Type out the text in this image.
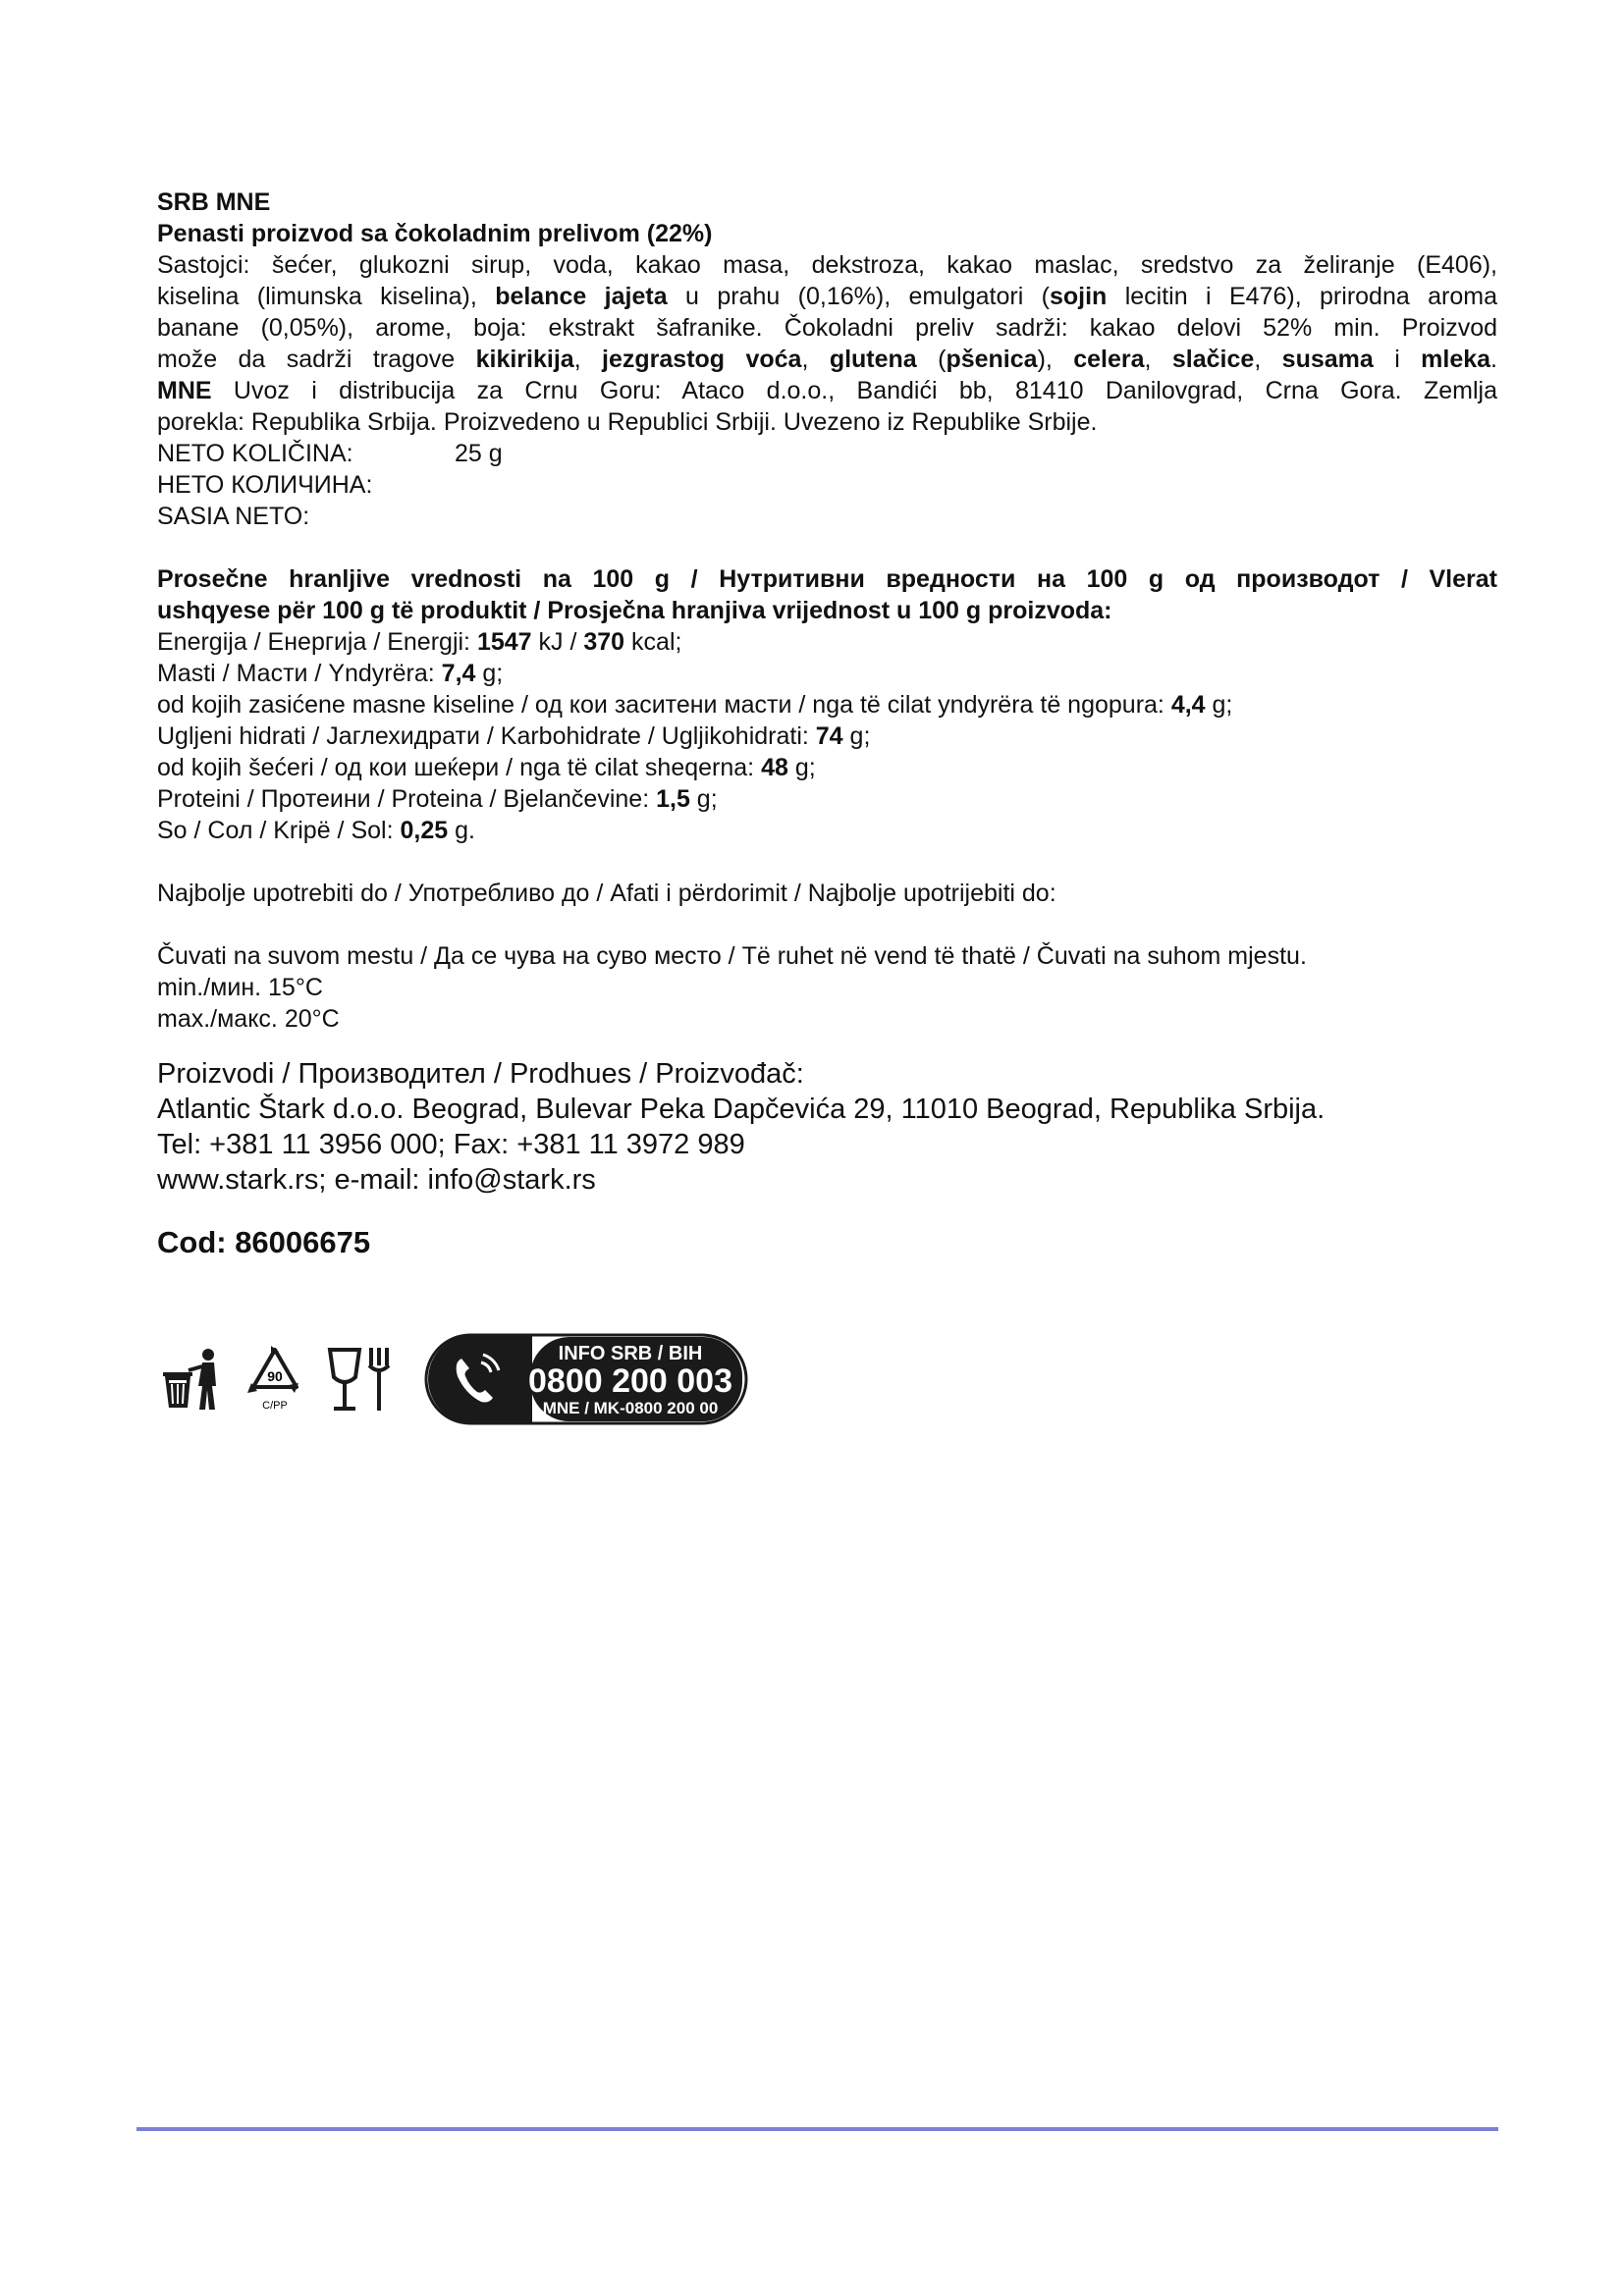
SRB MNE

Penasti proizvod sa čokoladnim prelivom (22%)

Sastojci: šećer, glukozni sirup, voda, kakao masa, dekstroza, kakao maslac, sredstvo za želiranje (E406),

kiselina (limunska kiselina), belance jajeta u prahu (0,16%), emulgatori (sojin lecitin i E476), prirodna aroma

banane (0,05%), arome, boja: ekstrakt šafranike. Čokoladni preliv sadrži: kakao delovi 52% min. Proizvod

može da sadrži tragove kikirikija, jezgrastog voća, glutena (pšenica), celera, slačice, susama i mleka.

MNE Uvoz i distribucija za Crnu Goru: Ataco d.o.o., Bandići bb, 81410 Danilovgrad, Crna Gora. Zemlja

porekla: Republika Srbija. Proizvedeno u Republici Srbiji. Uvezeno iz Republike Srbije.

NETO KOLIČINA:	25 g

НЕТО КОЛИЧИНА:

SASIA NETO:

Prosečne hranljive vrednosti na 100 g / Нутритивни вредности на 100 g од производот / Vlerat

ushqyese për 100 g të produktit / Prosječna hranjiva vrijednost u 100 g proizvoda:

Energija / Енергија / Energji: 1547 kJ / 370 kcal;

Masti / Масти / Yndyrëra: 7,4 g;

od kojih zasićene masne kiseline / од кои заситени масти / nga të cilat yndyrëra të ngopura: 4,4 g;

Ugljeni hidrati / Јаглехидрати / Karbohidrate / Ugljikohidrati: 74 g;

od kojih šećeri / од кои шеќери / nga të cilat sheqerna: 48 g;

Proteini / Протеини / Proteina / Bjelančevine: 1,5 g;

So / Сол / Kripë / Sol: 0,25 g.

Najbolje upotrebiti do / Употребливо до / Afati i përdorimit / Najbolje upotrijebiti do:

Čuvati na suvom mestu / Да се чува на суво место / Të ruhet në vend të thatë / Čuvati na suhom mjestu.

min./мин. 15°C

max./макс. 20°C

Proizvodi / Производител / Prodhues / Proizvođač:

Atlantic Štark d.o.o. Beograd, Bulevar Peka Dapčevića 29, 11010 Beograd, Republika Srbija.

Tel: +381 11 3956 000; Fax: +381 11 3972 989

www.stark.rs; e-mail: info@stark.rs

Cod: 86006675

90
C/PP
INFO SRB / BIH
0800 200 003
MNE / MK-0800 200 00
